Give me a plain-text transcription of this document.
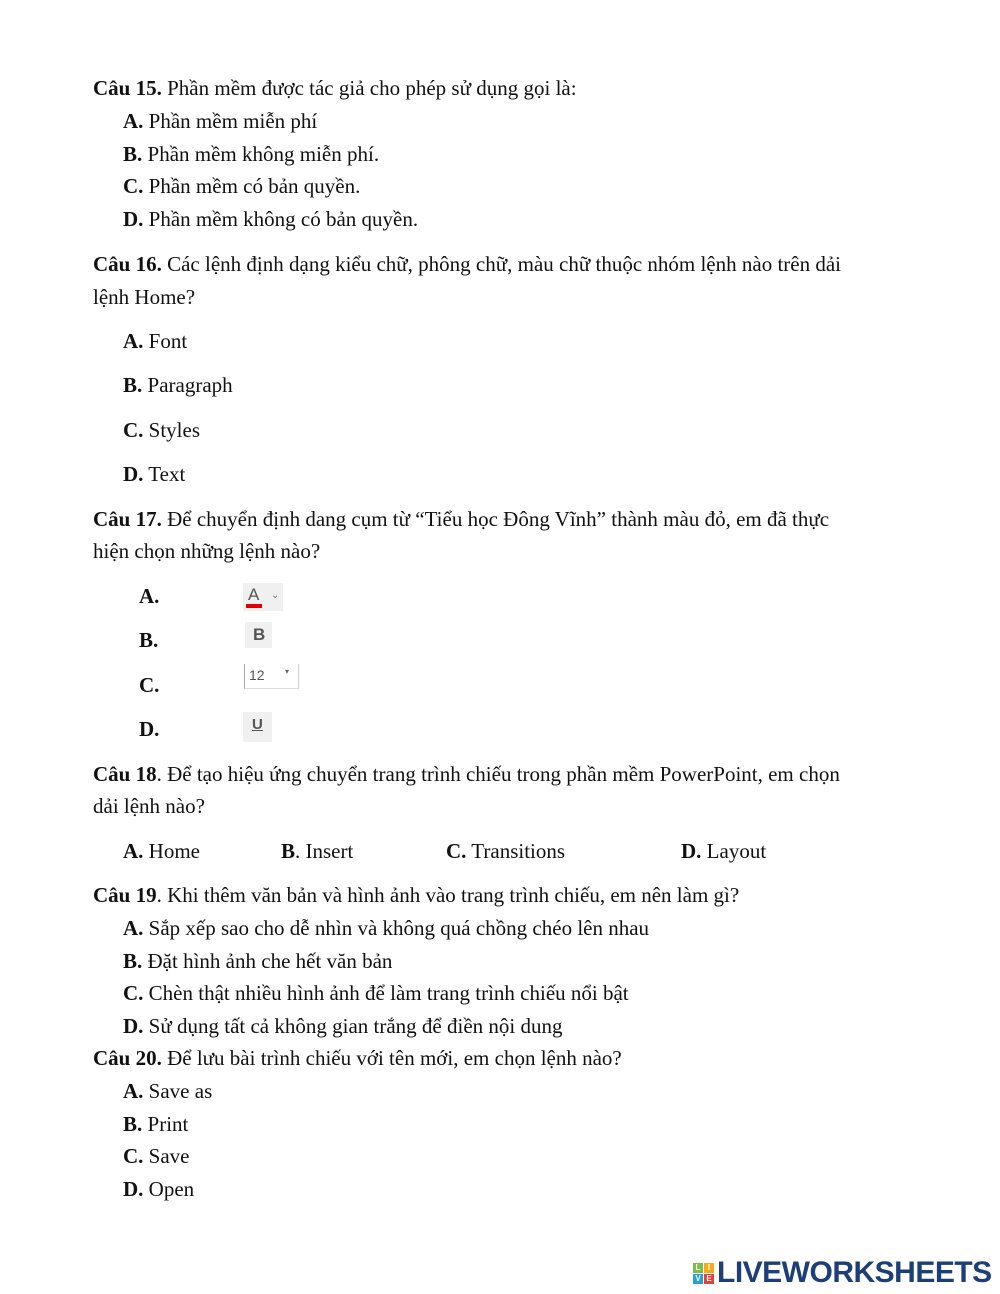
Câu 15. Phần mềm được tác giả cho phép sử dụng gọi là:
A. Phần mềm miễn phí
B. Phần mềm không miễn phí.
C. Phần mềm có bản quyền.
D. Phần mềm không có bản quyền.
Câu 16. Các lệnh định dạng kiểu chữ, phông chữ, màu chữ thuộc nhóm lệnh nào trên dải
lệnh Home?
A. Font
B. Paragraph
C. Styles
D. Text
Câu 17. Để chuyển định dang cụm từ “Tiểu học Đông Vĩnh” thành màu đỏ, em đã thực
hiện chọn những lệnh nào?
A.	A ⌄
B.	B
C.	12	▾
D.	U
Câu 18. Để tạo hiệu ứng chuyển trang trình chiếu trong phần mềm PowerPoint, em chọn
dải lệnh nào?
A. Home	B. Insert	C. Transitions	D. Layout
Câu 19. Khi thêm văn bản và hình ảnh vào trang trình chiếu, em nên làm gì?
A. Sắp xếp sao cho dễ nhìn và không quá chồng chéo lên nhau
B. Đặt hình ảnh che hết văn bản
C. Chèn thật nhiều hình ảnh để làm trang trình chiếu nổi bật
D. Sử dụng tất cả không gian trắng để điền nội dung
Câu 20. Để lưu bài trình chiếu với tên mới, em chọn lệnh nào?
A. Save as
B. Print
C. Save
D. Open
L I
V E LIVEWORKSHEETS
